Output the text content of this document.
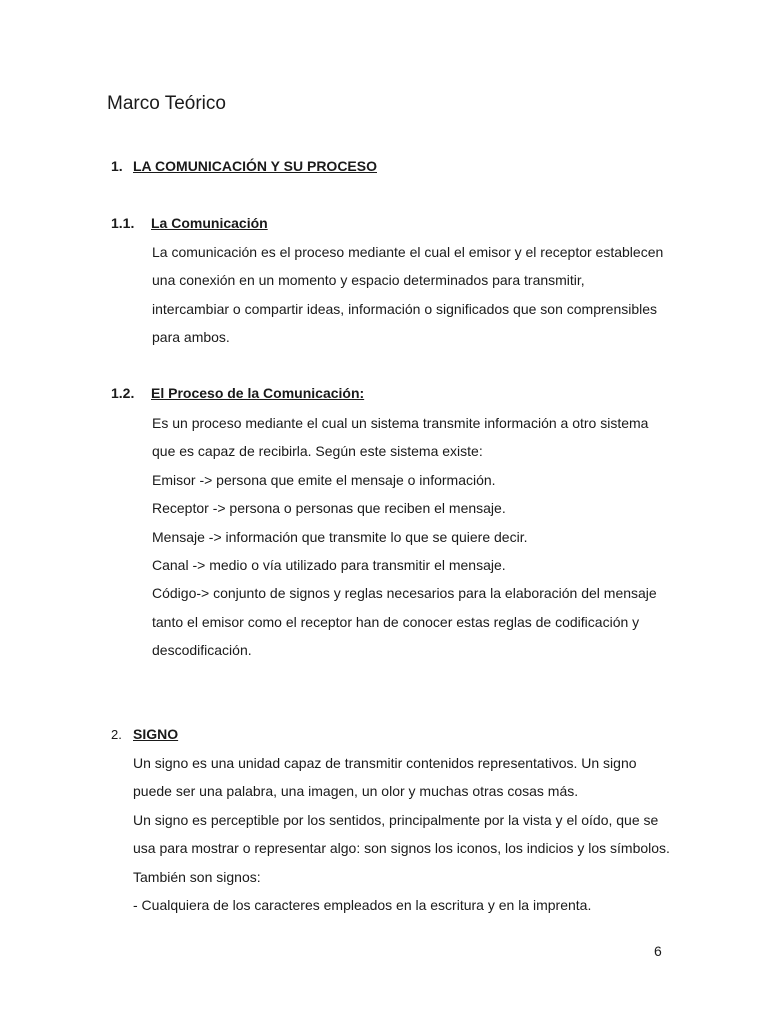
Marco Teórico
1. LA COMUNICACIÓN Y SU PROCESO
1.1. La Comunicación
La comunicación es el proceso mediante el cual el emisor y el receptor establecen
una conexión en un momento y espacio determinados para transmitir,
intercambiar o compartir ideas, información o significados que son comprensibles
para ambos.
1.2. El Proceso de la Comunicación:
Es un proceso mediante el cual un sistema transmite información a otro sistema
que es capaz de recibirla. Según este sistema existe:
Emisor -> persona que emite el mensaje o información.
Receptor -> persona o personas que reciben el mensaje.
Mensaje -> información que transmite lo que se quiere decir.
Canal -> medio o vía utilizado para transmitir el mensaje.
Código-> conjunto de signos y reglas necesarios para la elaboración del mensaje
tanto el emisor como el receptor han de conocer estas reglas de codificación y
descodificación.
2. SIGNO
Un signo es una unidad capaz de transmitir contenidos representativos. Un signo
puede ser una palabra, una imagen, un olor y muchas otras cosas más.
Un signo es perceptible por los sentidos, principalmente por la vista y el oído, que se
usa para mostrar o representar algo: son signos los iconos, los indicios y los símbolos.
También son signos:
- Cualquiera de los caracteres empleados en la escritura y en la imprenta.
6
